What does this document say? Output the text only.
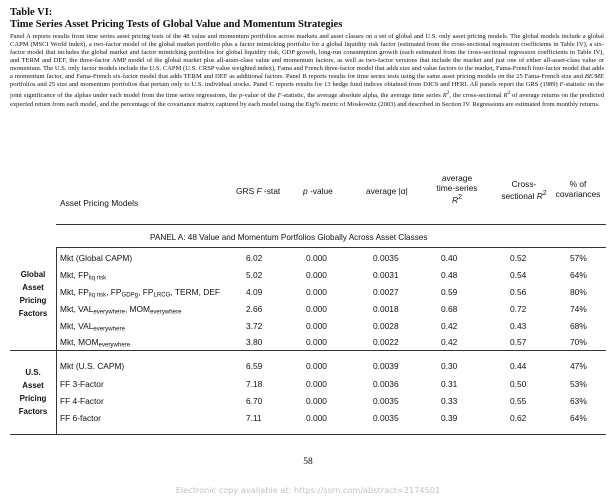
Table VI:
Time Series Asset Pricing Tests of Global Value and Momentum Strategies
Panel A reports results from time series asset pricing tests of the 48 value and momentum portfolios across markets and asset classes on a set of global and U.S. only asset pricing models. The global models include a global CAPM (MSCI World index), a two-factor model of the global market portfolio plus a factor mimicking portfolio for a global liquidity risk factor (estimated from the cross-sectional regression coefficients in Table IV), a six-factor model that includes the global market and factor mimicking portfolios for global liquidity risk, GDP growth, long-run consumption growth (each estimated from the cross-sectional regression coefficients in Table IV), and TERM and DEF, the three-factor AMP model of the global market plus all-asset-class value and momentum factors, as well as two-factor versions that include the market and just one of either all-asset-class value or momentum. The U.S. only factor models include the U.S. CAPM (U.S. CRSP value weighted index), Fama and French three-factor model that adds size and value factors to the market, Fama-French four-factor model that adds a momentum factor, and Fama-French six-factor model that adds TERM and DEF as additional factors. Panel B reports results for time series tests using the same asset pricing models on the 25 Fama-French size and BE/ME portfolios and 25 size and momentum portfolios that pertain only to U.S. individual stocks. Panel C reports results for 13 hedge fund indices obtained from DJCS and HFRI. All panels report the GRS (1989) F-statistic on the joint significance of the alphas under each model from the time series regressions, the p-value of the F-statistic, the average absolute alpha, the average time series $R^2$, the cross-sectional $R^2$ of average returns on the predicted expected return from each model, and the percentage of the covariance matrix captured by each model using the Eig% metric of Moskowitz (2003) and described in Section IV. Regressions are estimated from monthly returns.
Asset Pricing Models
GRS F -stat	p -value	average |α|
average
time-series
$R^2$
Cross-
sectional $R^2$
% of
covariances
PANEL A: 48 Value and Momentum Portfolios Globally Across Asset Classes
Global
Asset
Pricing
Factors
U.S.
Asset
Pricing
Factors
Mkt (Global CAPM)	6.02	0.000	0.0035	0.40	0.52	57%
Mkt, $FP_{liq risk}$	5.02	0.000	0.0031	0.48	0.54	64%
Mkt, $FP_{liq risk}$, $FP_{GDPg}$, $FP_{LRCG}$, TERM, DEF	4.09	0.000	0.0027	0.59	0.56	80%
Mkt, $VAL_{everywhere}$, $MOM_{everywhere}$	2.66	0.000	0.0018	0.68	0.72	74%
Mkt, $VAL_{everywhere}$	3.72	0.000	0.0028	0.42	0.43	68%
Mkt, $MOM_{everywhere}$	3.80	0.000	0.0022	0.42	0.57	70%
Mkt (U.S. CAPM)	6.59	0.000	0.0039	0.30	0.44	47%
FF 3-Factor	7.18	0.000	0.0036	0.31	0.50	53%
FF 4-Factor	6.70	0.000	0.0035	0.33	0.55	63%
FF 6-factor	7.11	0.000	0.0035	0.39	0.62	64%
58
Electronic copy available at: https://ssrn.com/abstract=2174501
